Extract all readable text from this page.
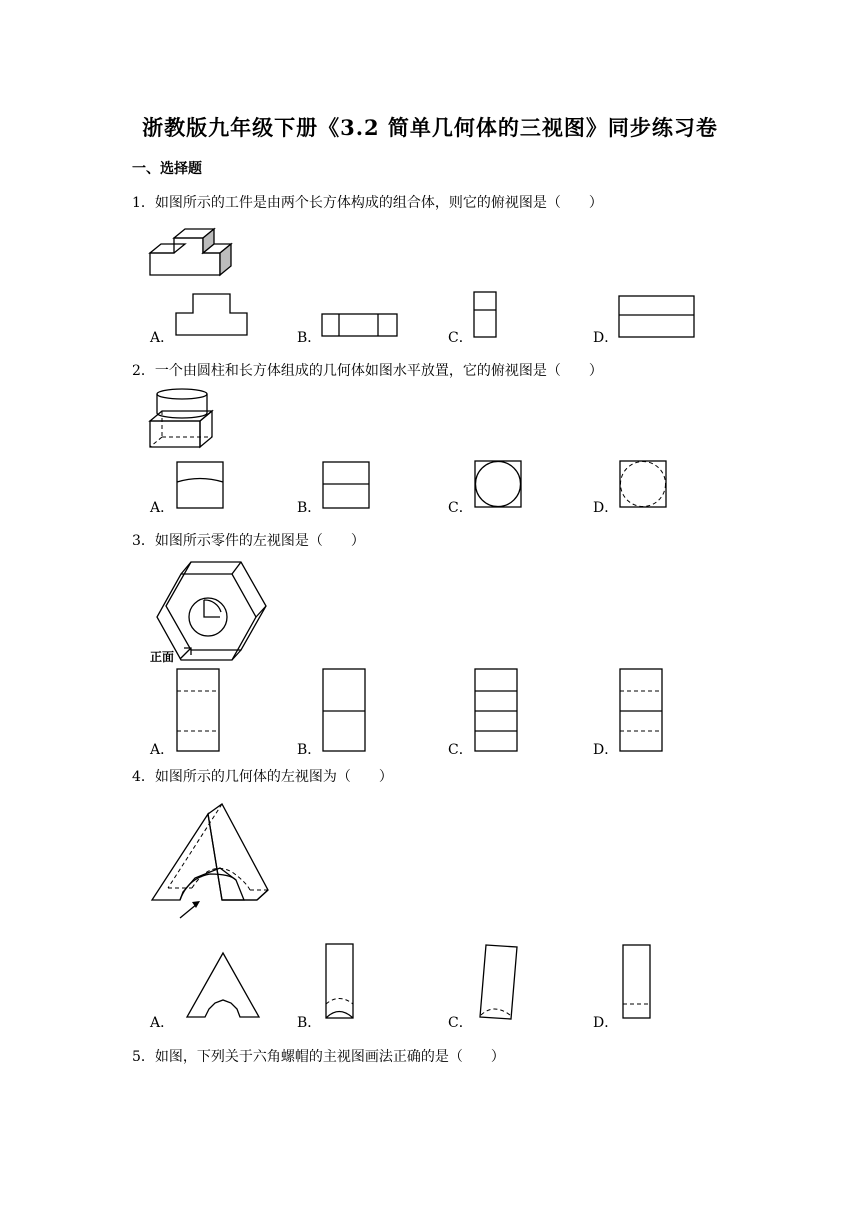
浙教版九年级下册《3.2 简单几何体的三视图》同步练习卷
一、选择题
1．如图所示的工件是由两个长方体构成的组合体，则它的俯视图是（　　）
A．	B．	C．	D．
2．一个由圆柱和长方体组成的几何体如图水平放置，它的俯视图是（　　）
A．	B．	C．	D．
3．如图所示零件的左视图是（　　）
正面
A．	B．	C．	D．
4．如图所示的几何体的左视图为（　　）
A．	B．	C．	D．
5．如图，下列关于六角螺帽的主视图画法正确的是（　　）
